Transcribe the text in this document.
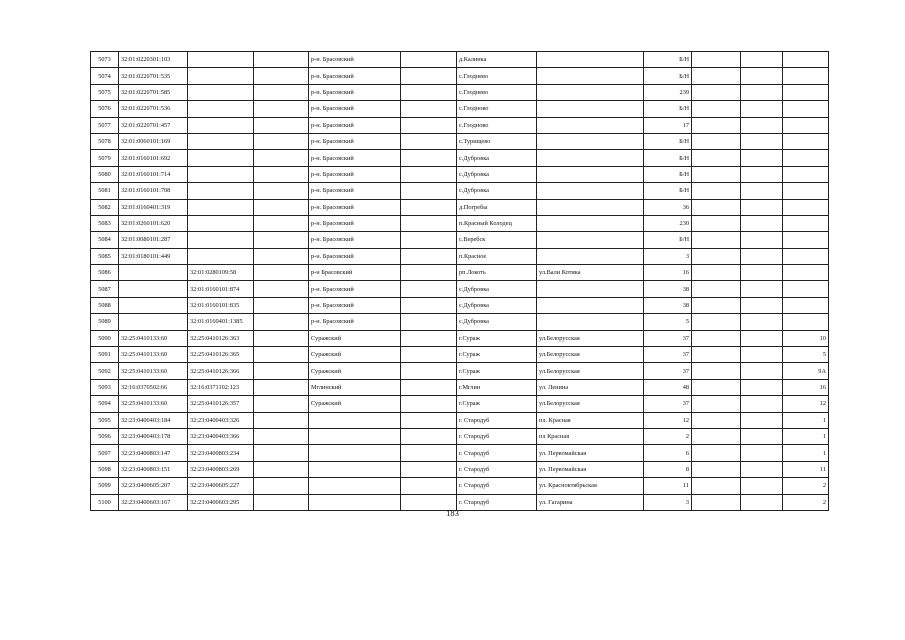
5073	32:01:0220301:103			р-н. Брасовский		д.Калинка		Б/Н			
5074	32:01:0220701:535			р-н. Брасовский		с.Глоднево		Б/Н			
5075	32:01:0220701:585			р-н. Брасовский		с.Глоднево		239			
5076	32:01:0220701:536			р-н. Брасовский		с.Глодново		Б/Н			
5077	32:01:0220701:457			р-н. Брасовский		с.Глодново		17			
5078	32:01:0060101:169			р-н. Брасовский		с.Турищево		Б/Н			
5079	32:01:0160101:692			р-н. Брасовский		с.Дубровка		Б/Н			
5080	32:01:0160101:714			р-н. Брасовский		с.Дубровка		Б/Н			
5081	32:01:0160101:708			р-н. Брасовский		с.Дубровка		Б/Н			
5082	32:01:0160401:319			р-н. Брасовский		д.Погребы		36			
5083	32:01:0260101:620			р-н. Брасовский		п.Красный Колодец		230			
5084	32:01:0080101:287			р-н. Брасовский		с.Веребск		Б/Н			
5085	32:01:0180101:449			р-н. Брасовский		п.Красное		3			
5086		32:01:0280109:58		р-н Брасовский		рп.Локоть	ул.Вали Котика	16			
5087		32:01:0160101:874		р-н. Брасовский		с.Дубровка		38			
5088		32:01:0160101:835		р-н. Брасовский		с.Дубровка		38			
5089		32:01:0160401:1385		р-н. Брасовский		с.Дубровка		5			
5090	32:25:0410133:60	32:25:0410126:363		Суражский		г.Сураж	ул.Белорусская	37			10
5091	32:25:0410133:60	32:25:0410126:365		Суражский		г.Сураж	ул.Белорусская	37			5
5092	32:25:0410133:60	32:25:0410126:366		Суражский		г.Сураж	ул.Белорусская	37			9А
5093	32:16:0370502:66	32:16:0371102:123		Мглинский		г.Мглин	ул. Ленина	48			16
5094	32:25:0410133:60	32:25:0410126:357		Суражский		г.Сураж	ул.Белорусская	37			12
5095	32:23:0400403:184	32:23:0400403:326				г. Стародуб	пл. Красная	12			1
5096	32:23:0400403:178	32:23:0400403:366				г. Стародуб	пл Красная	2			1
5097	32:23:0400803:147	32:23:0400803:234				г. Стародуб	ул. Первомайская	6			1
5098	32:23:0400803:151	32:23:0400803:269				г. Стародуб	ул. Первомайская	8			11
5099	32:23:0400605:207	32:23:0400605:227				г. Стародуб	ул. Красноктябрьская	11			2
5100	32:23:0400603:167	32:23:0400603:295				г. Стародуб	ул. Гагарина	3			2
183
